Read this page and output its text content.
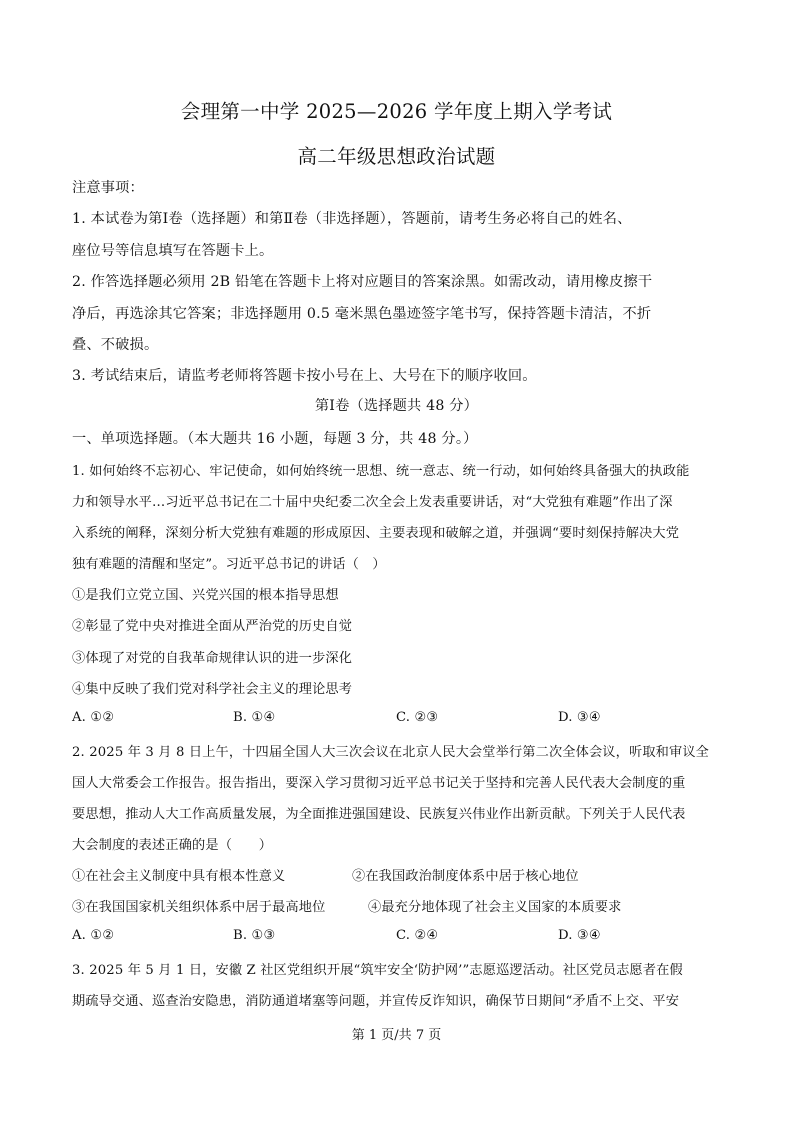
会理第一中学 2025—2026 学年度上期入学考试
高二年级思想政治试题
注意事项：
1. 本试卷为第Ⅰ卷（选择题）和第Ⅱ卷（非选择题），答题前，请考生务必将自己的姓名、
座位号等信息填写在答题卡上。
2. 作答选择题必须用 2B 铅笔在答题卡上将对应题目的答案涂黑。如需改动，请用橡皮擦干
净后，再选涂其它答案；非选择题用 0.5 毫米黑色墨迹签字笔书写，保持答题卡清洁，不折
叠、不破损。
3. 考试结束后，请监考老师将答题卡按小号在上、大号在下的顺序收回。
第Ⅰ卷（选择题共 48 分）
一、单项选择题。（本大题共 16 小题，每题 3 分，共 48 分。）
1. 如何始终不忘初心、牢记使命，如何始终统一思想、统一意志、统一行动，如何始终具备强大的执政能
力和领导水平…习近平总书记在二十届中央纪委二次全会上发表重要讲话，对“大党独有难题”作出了深
入系统的阐释，深刻分析大党独有难题的形成原因、主要表现和破解之道，并强调“要时刻保持解决大党
独有难题的清醒和坚定”。习近平总书记的讲话（　）
①是我们立党立国、兴党兴国的根本指导思想
②彰显了党中央对推进全面从严治党的历史自觉
③体现了对党的自我革命规律认识的进一步深化
④集中反映了我们党对科学社会主义的理论思考
A. ①②	B. ①④	C. ②③	D. ③④
2. 2025 年 3 月 8 日上午，十四届全国人大三次会议在北京人民大会堂举行第二次全体会议，听取和审议全
国人大常委会工作报告。报告指出，要深入学习贯彻习近平总书记关于坚持和完善人民代表大会制度的重
要思想，推动人大工作高质量发展，为全面推进强国建设、民族复兴伟业作出新贡献。下列关于人民代表
大会制度的表述正确的是（　　）
①在社会主义制度中具有根本性意义	②在我国政治制度体系中居于核心地位
③在我国国家机关组织体系中居于最高地位	④最充分地体现了社会主义国家的本质要求
A. ①②	B. ①③	C. ②④	D. ③④
3. 2025 年 5 月 1 日，安徽 Z 社区党组织开展“筑牢安全‘防护网’”志愿巡逻活动。社区党员志愿者在假
期疏导交通、巡查治安隐患，消防通道堵塞等问题，并宣传反诈知识，确保节日期间“矛盾不上交、平安
第 1 页/共 7 页
